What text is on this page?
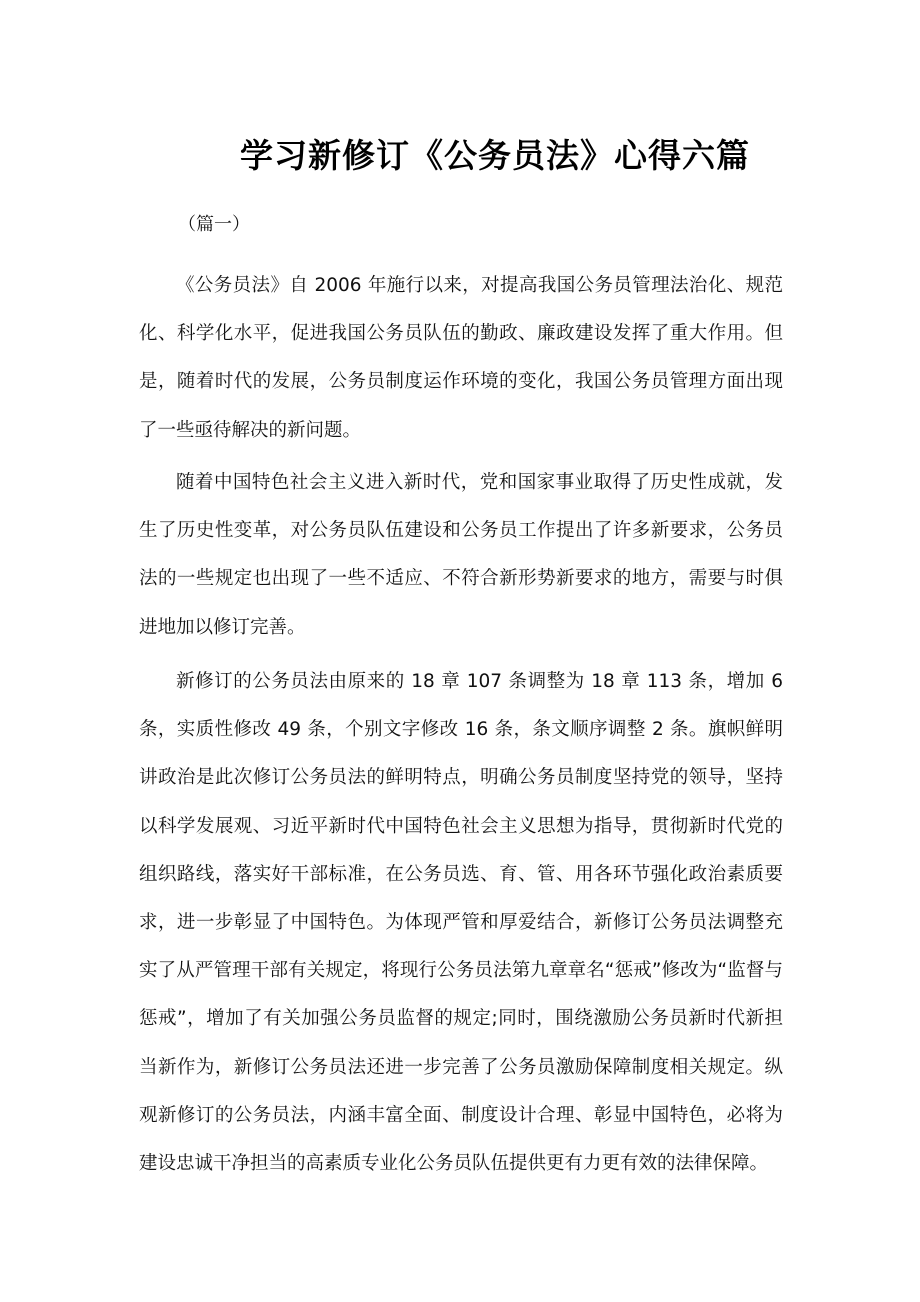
学习新修订《公务员法》心得六篇
（篇一）

《公务员法》自 2006 年施行以来，对提高我国公务员管理法治化、规范化、科学化水平，促进我国公务员队伍的勤政、廉政建设发挥了重大作用。但是，随着时代的发展，公务员制度运作环境的变化，我国公务员管理方面出现了一些亟待解决的新问题。

随着中国特色社会主义进入新时代，党和国家事业取得了历史性成就，发生了历史性变革，对公务员队伍建设和公务员工作提出了许多新要求，公务员法的一些规定也出现了一些不适应、不符合新形势新要求的地方，需要与时俱进地加以修订完善。

新修订的公务员法由原来的 18 章 107 条调整为 18 章 113 条，增加 6 条，实质性修改 49 条，个别文字修改 16 条，条文顺序调整 2 条。旗帜鲜明讲政治是此次修订公务员法的鲜明特点，明确公务员制度坚持党的领导，坚持以科学发展观、习近平新时代中国特色社会主义思想为指导，贯彻新时代党的组织路线，落实好干部标准，在公务员选、育、管、用各环节强化政治素质要求，进一步彰显了中国特色。为体现严管和厚爱结合，新修订公务员法调整充实了从严管理干部有关规定，将现行公务员法第九章章名“惩戒”修改为“监督与惩戒”，增加了有关加强公务员监督的规定;同时，围绕激励公务员新时代新担当新作为，新修订公务员法还进一步完善了公务员激励保障制度相关规定。纵观新修订的公务员法，内涵丰富全面、制度设计合理、彰显中国特色，必将为建设忠诚干净担当的高素质专业化公务员队伍提供更有力更有效的法律保障。
